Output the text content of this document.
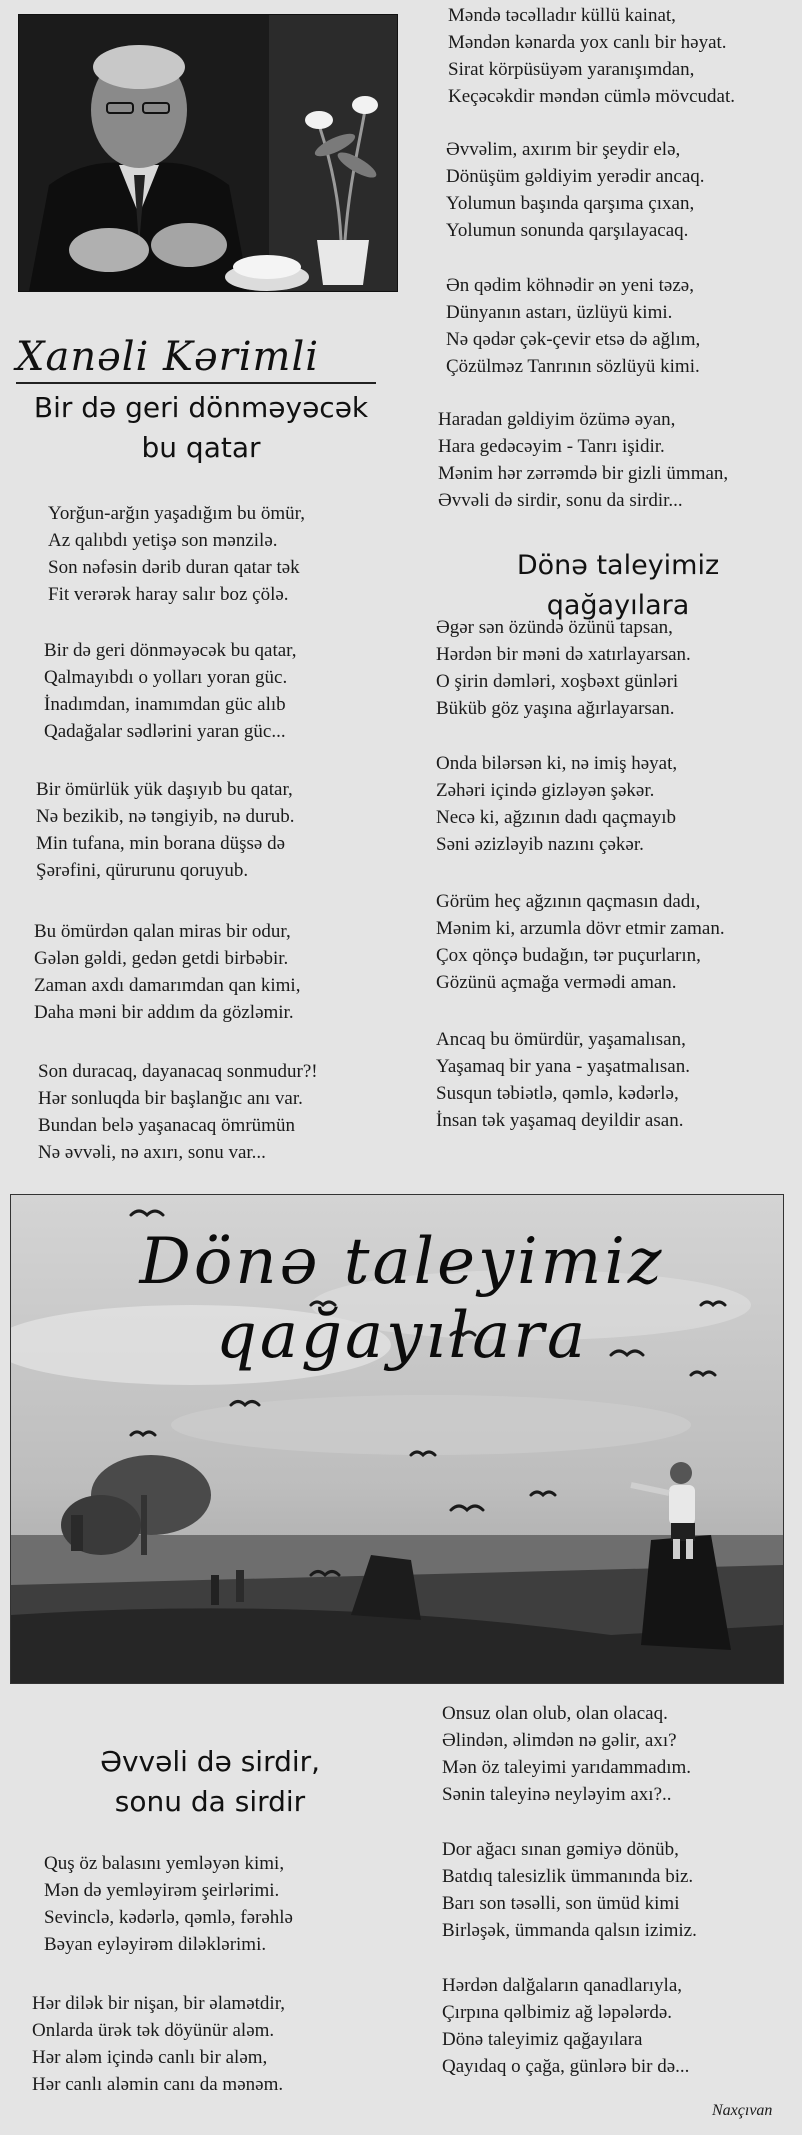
Xanəli Kərimli
Bir də geri dönməyəcək
bu qatar
Yorğun-arğın yaşadığım bu ömür,
Az qalıbdı yetişə son mənzilə.
Son nəfəsin dərib duran qatar tək
Fit verərək haray salır boz çölə.
Bir də geri dönməyəcək bu qatar,
Qalmayıbdı o yolları yoran güc.
İnadımdan, inamımdan güc alıb
Qadağalar sədlərini yaran güc...
Bir ömürlük yük daşıyıb bu qatar,
Nə bezikib, nə təngiyib, nə durub.
Min tufana, min borana düşsə də
Şərəfini, qürurunu qoruyub.
Bu ömürdən qalan miras bir odur,
Gələn gəldi, gedən getdi birbəbir.
Zaman axdı damarımdan qan kimi,
Daha məni bir addım da gözləmir.
Son duracaq, dayanacaq sonmudur?!
Hər sonluqda bir başlanğıc anı var.
Bundan belə yaşanacaq ömrümün
Nə əvvəli, nə axırı, sonu var...
Məndə təcəlladır küllü kainat,
Məndən kənarda yox canlı bir həyat.
Sirat körpüsüyəm yaranışımdan,
Keçəcəkdir məndən cümlə mövcudat.
Əvvəlim, axırım bir şeydir elə,
Dönüşüm gəldiyim yerədir ancaq.
Yolumun başında qarşıma çıxan,
Yolumun sonunda qarşılayacaq.
Ən qədim köhnədir ən yeni təzə,
Dünyanın astarı, üzlüyü kimi.
Nə qədər çək-çevir etsə də ağlım,
Çözülməz Tanrının sözlüyü kimi.
Haradan gəldiyim özümə əyan,
Hara gedəcəyim - Tanrı işidir.
Mənim hər zərrəmdə bir gizli ümman,
Əvvəli də sirdir, sonu da sirdir...
Dönə taleyimiz qağayılara
Əgər sən özündə özünü tapsan,
Hərdən bir məni də xatırlayarsan.
O şirin dəmləri, xoşbəxt günləri
Büküb göz yaşına ağırlayarsan.
Onda bilərsən ki, nə imiş həyat,
Zəhəri içində gizləyən şəkər.
Necə ki, ağzının dadı qaçmayıb
Səni əzizləyib nazını çəkər.
Görüm heç ağzının qaçmasın dadı,
Mənim ki, arzumla dövr etmir zaman.
Çox qönçə budağın, tər puçurların,
Gözünü açmağa vermədi aman.
Ancaq bu ömürdür, yaşamalısan,
Yaşamaq bir yana - yaşatmalısan.
Susqun təbiətlə, qəmlə, kədərlə,
İnsan tək yaşamaq deyildir asan.
Dönə taleyimiz qağayılara
Əvvəli də sirdir,
sonu da sirdir
Quş öz balasını yemləyən kimi,
Mən də yemləyirəm şeirlərimi.
Sevinclə, kədərlə, qəmlə, fərəhlə
Bəyan eyləyirəm diləklərimi.
Hər dilək bir nişan, bir əlamətdir,
Onlarda ürək tək döyünür aləm.
Hər aləm içində canlı bir aləm,
Hər canlı aləmin canı da mənəm.
Onsuz olan olub, olan olacaq.
Əlindən, əlimdən nə gəlir, axı?
Mən öz taleyimi yarıdammadım.
Sənin taleyinə neyləyim axı?..
Dor ağacı sınan gəmiyə dönüb,
Batdıq talesizlik ümmanında biz.
Barı son təsəlli, son ümüd kimi
Birləşək, ümmanda qalsın izimiz.
Hərdən dalğaların qanadlarıyla,
Çırpına qəlbimiz ağ ləpələrdə.
Dönə taleyimiz qağayılara
Qayıdaq o çağa, günlərə bir də...
Naxçıvan
